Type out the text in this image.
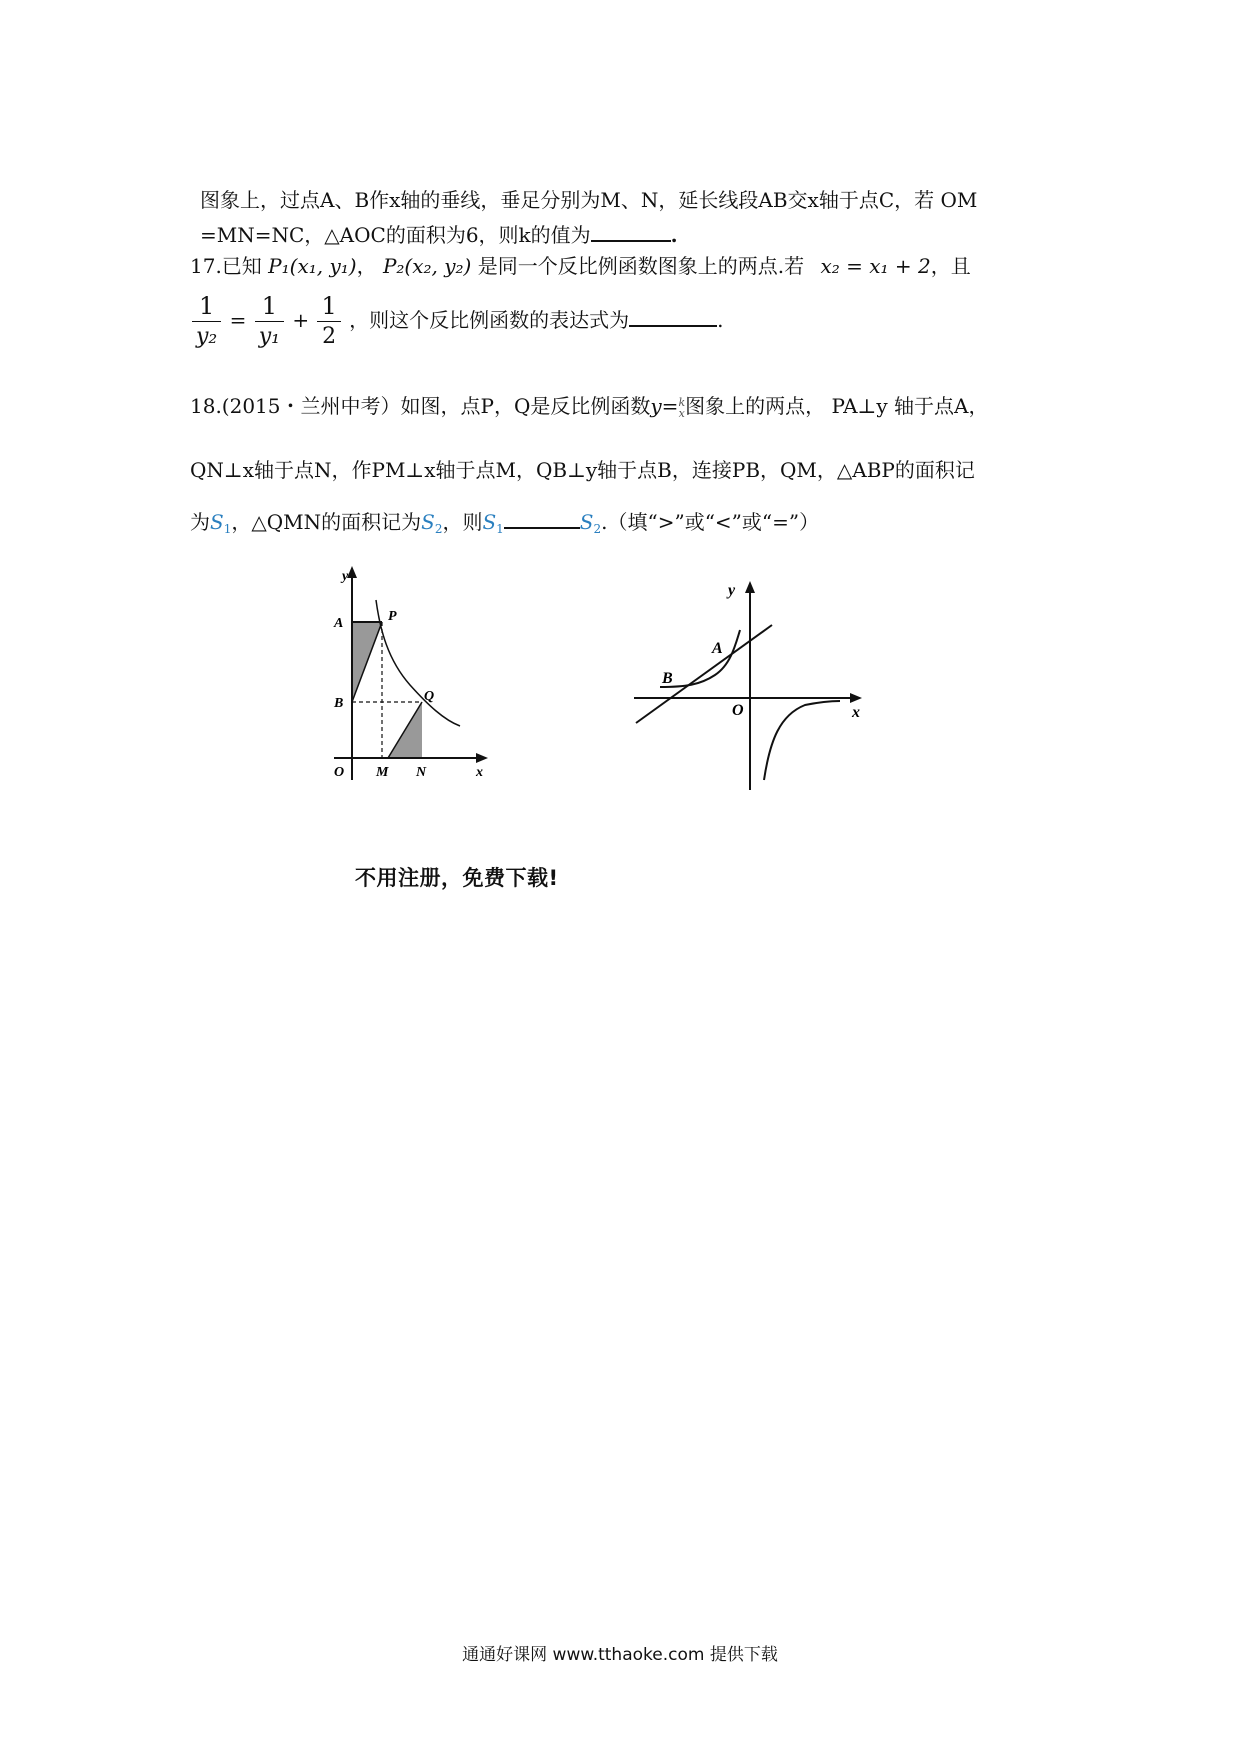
图象上，过点A、B作x轴的垂线，垂足分别为M、N，延长线段AB交x轴于点C，若 OM
=MN=NC，△AOC的面积为6，则k的值为	.
17.已知 P₁(x₁, y₁)， P₂(x₂, y₂) 是同一个反比例函数图象上的两点.若 x₂ = x₁ + 2，且
$\frac{1}{\text{y₂}} = \frac{1}{\text{y₁}} + \frac{1}{2}$ ，则这个反比例函数的表达式为	.
18.(2015・兰州中考）如图，点P，Q是反比例函数y= k
x 图象上的两点， PA⊥y 轴于点A，
QN⊥x轴于点N，作PM⊥x轴于点M，QB⊥y轴于点B，连接PB，QM，△ABP的面积记
为$S_1$，△QMN的面积记为$S_2$，则$S_1$	$S_2$.（填“>”或“<”或“=”）
y
A	P
B	Q
O M N	x
y
A
B
O	x
不用注册，免费下载!
通通好课网 www.tthaoke.com 提供下载
